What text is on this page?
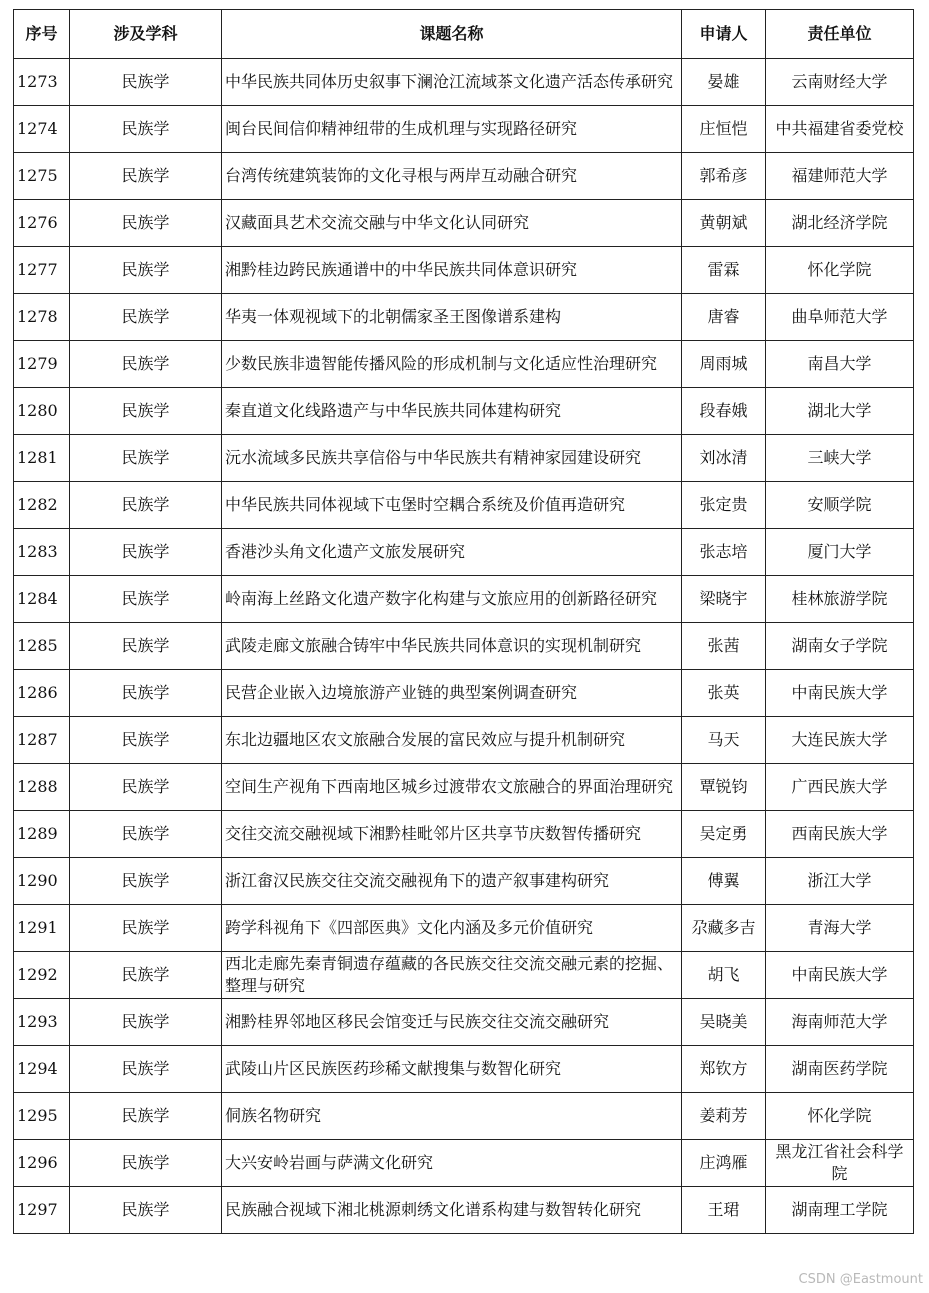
序号	涉及学科	课题名称	申请人	责任单位
1273	民族学	中华民族共同体历史叙事下澜沧江流域茶文化遗产活态传承研究	晏雄	云南财经大学
1274	民族学	闽台民间信仰精神纽带的生成机理与实现路径研究	庄恒恺	中共福建省委党校
1275	民族学	台湾传统建筑装饰的文化寻根与两岸互动融合研究	郭希彦	福建师范大学
1276	民族学	汉藏面具艺术交流交融与中华文化认同研究	黄朝斌	湖北经济学院
1277	民族学	湘黔桂边跨民族通谱中的中华民族共同体意识研究	雷霖	怀化学院
1278	民族学	华夷一体观视域下的北朝儒家圣王图像谱系建构	唐睿	曲阜师范大学
1279	民族学	少数民族非遗智能传播风险的形成机制与文化适应性治理研究	周雨城	南昌大学
1280	民族学	秦直道文化线路遗产与中华民族共同体建构研究	段春娥	湖北大学
1281	民族学	沅水流域多民族共享信俗与中华民族共有精神家园建设研究	刘冰清	三峡大学
1282	民族学	中华民族共同体视域下屯堡时空耦合系统及价值再造研究	张定贵	安顺学院
1283	民族学	香港沙头角文化遗产文旅发展研究	张志培	厦门大学
1284	民族学	岭南海上丝路文化遗产数字化构建与文旅应用的创新路径研究	梁晓宇	桂林旅游学院
1285	民族学	武陵走廊文旅融合铸牢中华民族共同体意识的实现机制研究	张茜	湖南女子学院
1286	民族学	民营企业嵌入边境旅游产业链的典型案例调查研究	张英	中南民族大学
1287	民族学	东北边疆地区农文旅融合发展的富民效应与提升机制研究	马天	大连民族大学
1288	民族学	空间生产视角下西南地区城乡过渡带农文旅融合的界面治理研究	覃锐钧	广西民族大学
1289	民族学	交往交流交融视域下湘黔桂毗邻片区共享节庆数智传播研究	吴定勇	西南民族大学
1290	民族学	浙江畲汉民族交往交流交融视角下的遗产叙事建构研究	傅翼	浙江大学
1291	民族学	跨学科视角下《四部医典》文化内涵及多元价值研究	尕藏多吉	青海大学
1292	民族学	西北走廊先秦青铜遗存蕴藏的各民族交往交流交融元素的挖掘、整理与研究	胡飞	中南民族大学
1293	民族学	湘黔桂界邻地区移民会馆变迁与民族交往交流交融研究	吴晓美	海南师范大学
1294	民族学	武陵山片区民族医药珍稀文献搜集与数智化研究	郑钦方	湖南医药学院
1295	民族学	侗族名物研究	姜莉芳	怀化学院
1296	民族学	大兴安岭岩画与萨满文化研究	庄鸿雁	黑龙江省社会科学院
1297	民族学	民族融合视域下湘北桃源刺绣文化谱系构建与数智转化研究	王珺	湖南理工学院
CSDN @Eastmount
